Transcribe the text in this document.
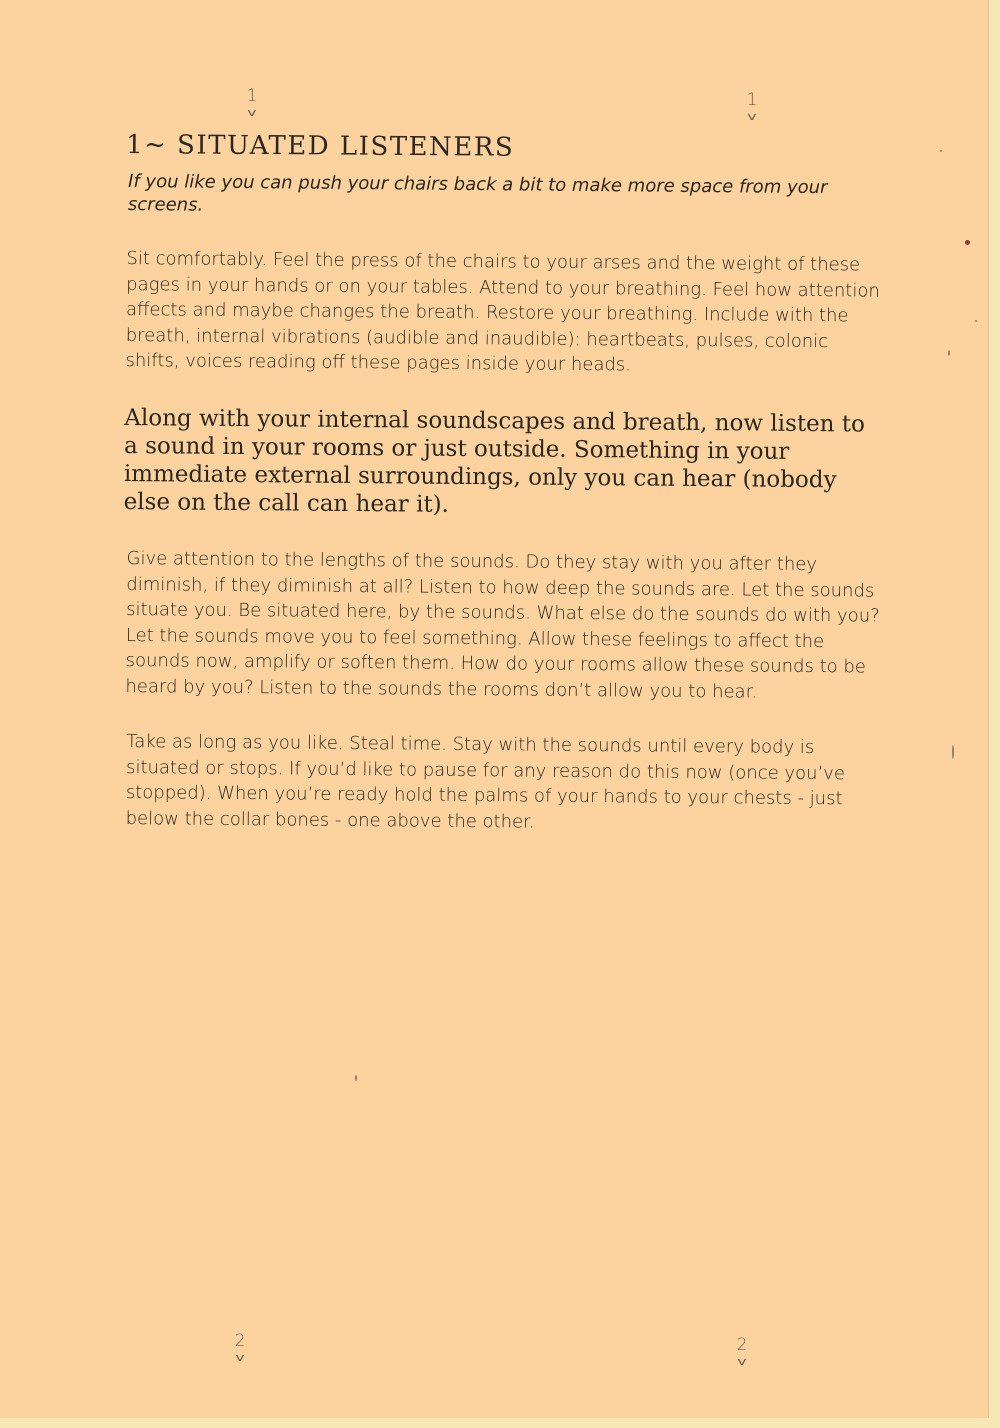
1
v
1
v
1~ SITUATED LISTENERS

If you like you can push your chairs back a bit to make more space from your screens.

Sit comfortably. Feel the press of the chairs to your arses and the weight of these pages in your hands or on your tables. Attend to your breathing. Feel how attention affects and maybe changes the breath. Restore your breathing. Include with the breath, internal vibrations (audible and inaudible): heartbeats, pulses, colonic shifts, voices reading off these pages inside your heads.

Along with your internal soundscapes and breath, now listen to a sound in your rooms or just outside. Something in your immediate external surroundings, only you can hear (nobody else on the call can hear it).

Give attention to the lengths of the sounds. Do they stay with you after they diminish, if they diminish at all? Listen to how deep the sounds are. Let the sounds situate you. Be situated here, by the sounds. What else do the sounds do with you? Let the sounds move you to feel something. Allow these feelings to affect the sounds now, amplify or soften them. How do your rooms allow these sounds to be heard by you? Listen to the sounds the rooms don’t allow you to hear.

Take as long as you like. Steal time. Stay with the sounds until every body is situated or stops. If you’d like to pause for any reason do this now (once you’ve stopped). When you’re ready hold the palms of your hands to your chests - just below the collar bones - one above the other.

2
v
2
v
